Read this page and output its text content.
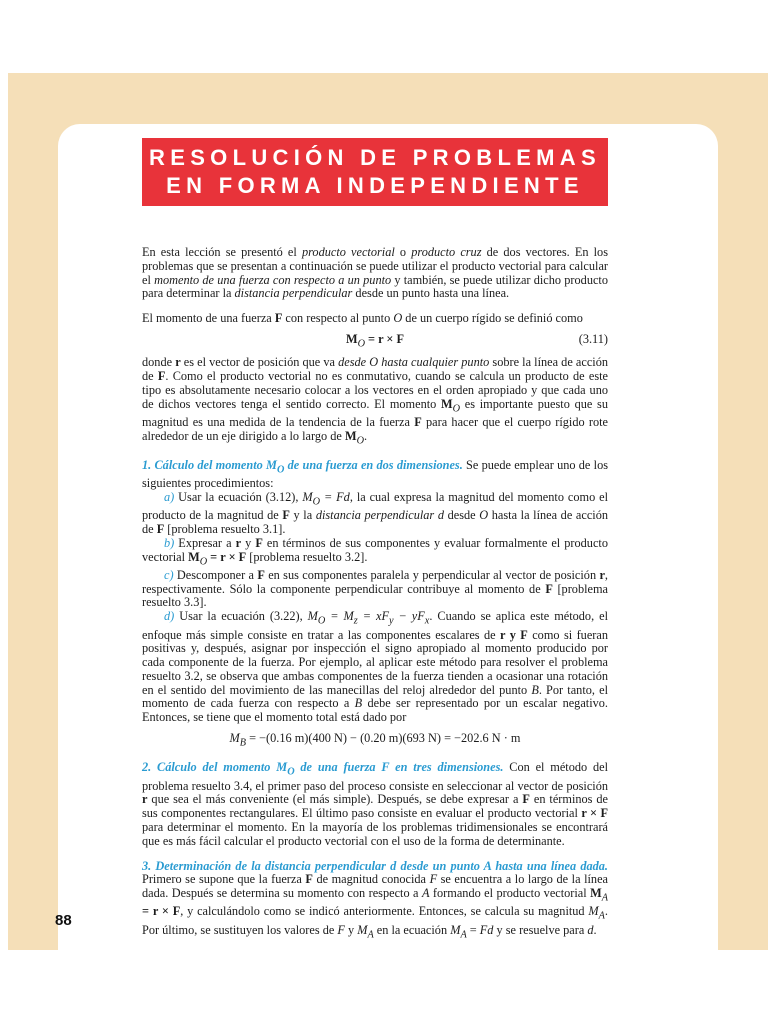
RESOLUCIÓN DE PROBLEMAS
EN FORMA INDEPENDIENTE

En esta lección se presentó el producto vectorial o producto cruz de dos vectores. En los problemas que se presentan a continuación se puede utilizar el producto vectorial para calcular el momento de una fuerza con respecto a un punto y también, se puede utilizar dicho producto para determinar la distancia perpendicular desde un punto hasta una línea.

El momento de una fuerza F con respecto al punto O de un cuerpo rígido se definió como

$M_O = r \times F$	(3.11)

donde r es el vector de posición que va desde O hasta cualquier punto sobre la línea de acción de F. Como el producto vectorial no es conmutativo, cuando se calcula un producto de este tipo es absolutamente necesario colocar a los vectores en el orden apropiado y que cada uno de dichos vectores tenga el sentido correcto. El momento $M_O$ es importante puesto que su magnitud es una medida de la tendencia de la fuerza F para hacer que el cuerpo rígido rote alrededor de un eje dirigido a lo largo de $M_O$.

1. Cálculo del momento $M_O$ de una fuerza en dos dimensiones. Se puede emplear uno de los siguientes procedimientos:

a) Usar la ecuación (3.12), $M_O = Fd$, la cual expresa la magnitud del momento como el producto de la magnitud de F y la distancia perpendicular d desde O hasta la línea de acción de F [problema resuelto 3.1].

b) Expresar a r y F en términos de sus componentes y evaluar formalmente el producto vectorial $M_O = r \times F$ [problema resuelto 3.2].

c) Descomponer a F en sus componentes paralela y perpendicular al vector de posición r, respectivamente. Sólo la componente perpendicular contribuye al momento de F [problema resuelto 3.3].

d) Usar la ecuación (3.22), $M_O = M_z = xF_y - yF_x$. Cuando se aplica este método, el enfoque más simple consiste en tratar a las componentes escalares de r y F como si fueran positivas y, después, asignar por inspección el signo apropiado al momento producido por cada componente de la fuerza. Por ejemplo, al aplicar este método para resolver el problema resuelto 3.2, se observa que ambas componentes de la fuerza tienden a ocasionar una rotación en el sentido del movimiento de las manecillas del reloj alrededor del punto B. Por tanto, el momento de cada fuerza con respecto a B debe ser representado por un escalar negativo. Entonces, se tiene que el momento total está dado por

$M_B = -(0.16$ m)(400 N) − (0.20 m)(693 N) = −202.6 N · m

2. Cálculo del momento $M_O$ de una fuerza F en tres dimensiones. Con el método del problema resuelto 3.4, el primer paso del proceso consiste en seleccionar al vector de posición r que sea el más conveniente (el más simple). Después, se debe expresar a F en términos de sus componentes rectangulares. El último paso consiste en evaluar el producto vectorial r × F para determinar el momento. En la mayoría de los problemas tridimensionales se encontrará que es más fácil calcular el producto vectorial con el uso de la forma de determinante.

3. Determinación de la distancia perpendicular d desde un punto A hasta una línea dada. Primero se supone que la fuerza F de magnitud conocida F se encuentra a lo largo de la línea dada. Después se determina su momento con respecto a A formando el producto vectorial $M_A = r \times F$, y calculándolo como se indicó anteriormente. Entonces, se calcula su magnitud $M_A$. Por último, se sustituyen los valores de F y $M_A$ en la ecuación $M_A = Fd$ y se resuelve para d.

88
